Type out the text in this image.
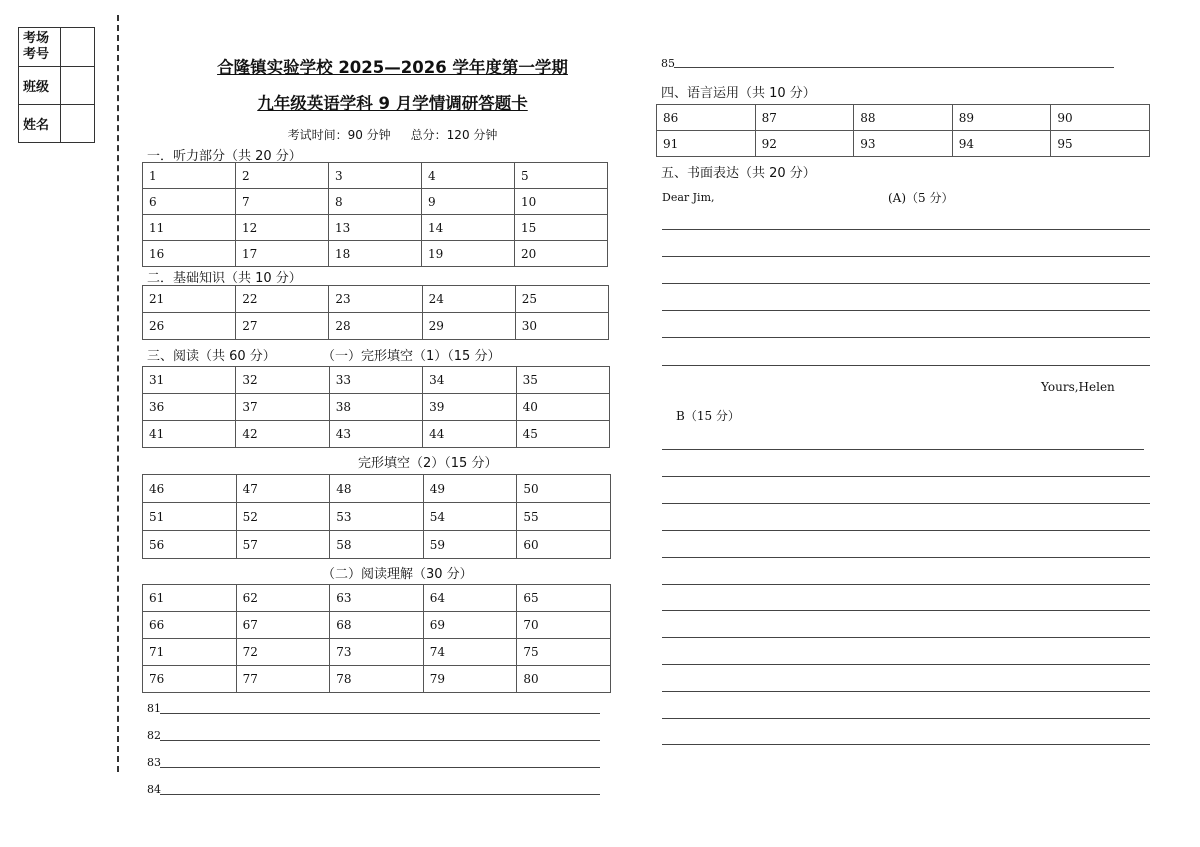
考场
考号	
班级	
姓名	
合隆镇实验学校 2025—2026 学年度第一学期
九年级英语学科 9 月学情调研答题卡
考试时间：90 分钟 总分：120 分钟
一．听力部分（共 20 分）
1	2	3	4	5
6	7	8	9	10
11	12	13	14	15
16	17	18	19	20
二．基础知识（共 10 分）
21	22	23	24	25
26	27	28	29	30
三、阅读（共 60 分）	（一）完形填空（1）（15 分）
31	32	33	34	35
36	37	38	39	40
41	42	43	44	45
完形填空（2）（15 分）
46	47	48	49	50
51	52	53	54	55
56	57	58	59	60
（二）阅读理解（30 分）
61	62	63	64	65
66	67	68	69	70
71	72	73	74	75
76	77	78	79	80
81
82
83
84
85
四、语言运用（共 10 分）
86	87	88	89	90
91	92	93	94	95
五、书面表达（共 20 分）
Dear Jim,	(A)（5 分）
Yours,Helen
B（15 分）
